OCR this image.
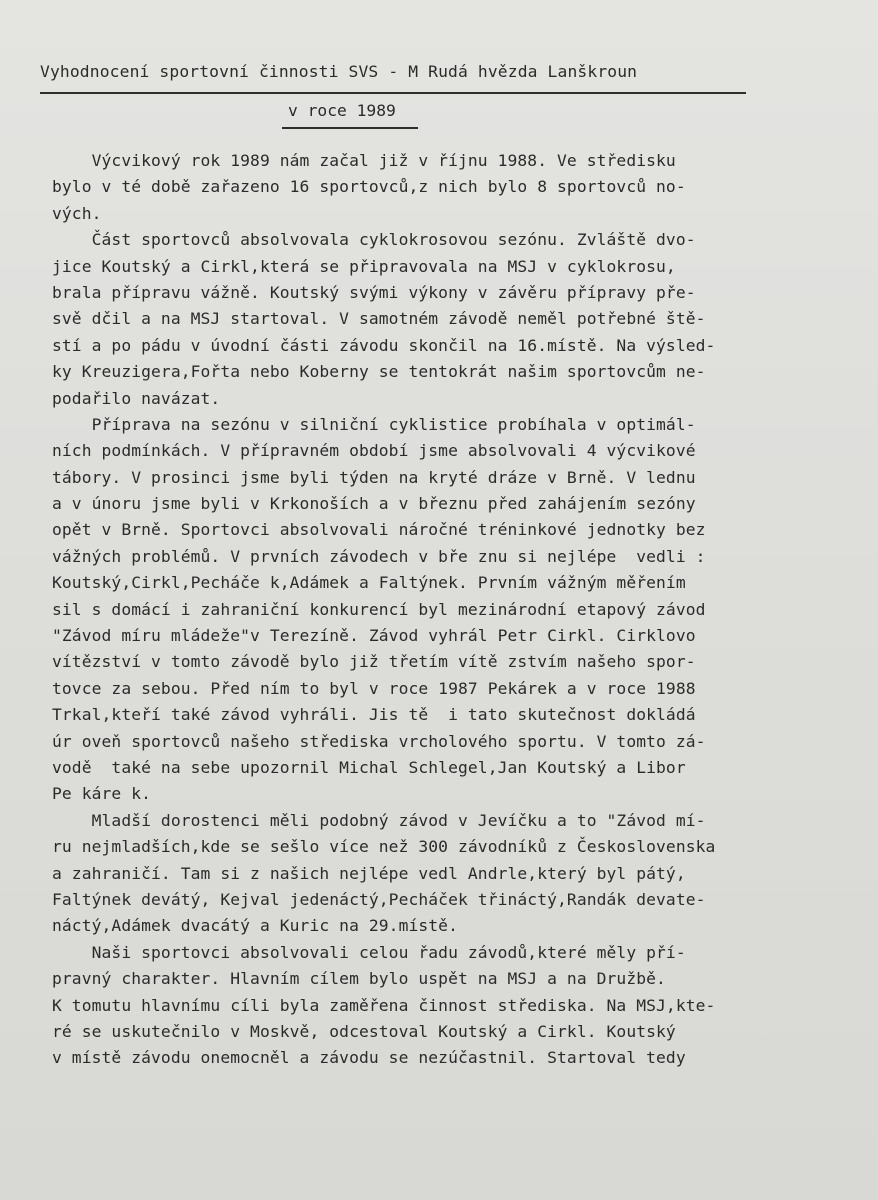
Vyhodnocení sportovní činnosti SVS - M Rudá hvězda Lanškroun
v roce 1989
Výcvikový rok 1989 nám začal již v říjnu 1988. Ve středisku
bylo v té době zařazeno 16 sportovců,z nich bylo 8 sportovců no-
vých.
Část sportovců absolvovala cyklokrosovou sezónu. Zvláště dvo-
jice Koutský a Cirkl,která se připravovala na MSJ v cyklokrosu,
brala přípravu vážně. Koutský svými výkony v závěru přípravy pře-
svě dčil a na MSJ startoval. V samotném závodě neměl potřebné ště-
stí a po pádu v úvodní části závodu skončil na 16.místě. Na výsled-
ky Kreuzigera,Fořta nebo Koberny se tentokrát našim sportovcům ne-
podařilo navázat.
Příprava na sezónu v silniční cyklistice probíhala v optimál-
ních podmínkách. V přípravném období jsme absolvovali 4 výcvikové
tábory. V prosinci jsme byli týden na kryté dráze v Brně. V lednu
a v únoru jsme byli v Krkonoších a v březnu před zahájením sezóny
opět v Brně. Sportovci absolvovali náročné tréninkové jednotky bez
vážných problémů. V prvních závodech v bře znu si nejlépe  vedli :
Koutský,Cirkl,Pecháče k,Adámek a Faltýnek. Prvním vážným měřením
sil s domácí i zahraniční konkurencí byl mezinárodní etapový závod
"Závod míru mládeže"v Terezíně. Závod vyhrál Petr Cirkl. Cirklovo
vítězství v tomto závodě bylo již třetím vítě zstvím našeho spor-
tovce za sebou. Před ním to byl v roce 1987 Pekárek a v roce 1988
Trkal,kteří také závod vyhráli. Jis tě  i tato skutečnost dokládá
úr oveň sportovců našeho střediska vrcholového sportu. V tomto zá-
vodě  také na sebe upozornil Michal Schlegel,Jan Koutský a Libor
Pe káre k.
Mladší dorostenci měli podobný závod v Jevíčku a to "Závod mí-
ru nejmladších,kde se sešlo více než 300 závodníků z Československa
a zahraničí. Tam si z našich nejlépe vedl Andrle,který byl pátý,
Faltýnek devátý, Kejval jedenáctý,Pecháček třináctý,Randák devate-
náctý,Adámek dvacátý a Kuric na 29.místě.
Naši sportovci absolvovali celou řadu závodů,které měly pří-
pravný charakter. Hlavním cílem bylo uspět na MSJ a na Družbě.
K tomutu hlavnímu cíli byla zaměřena činnost střediska. Na MSJ,kte-
ré se uskutečnilo v Moskvě, odcestoval Koutský a Cirkl. Koutský
v místě závodu onemocněl a závodu se nezúčastnil. Startoval tedy
